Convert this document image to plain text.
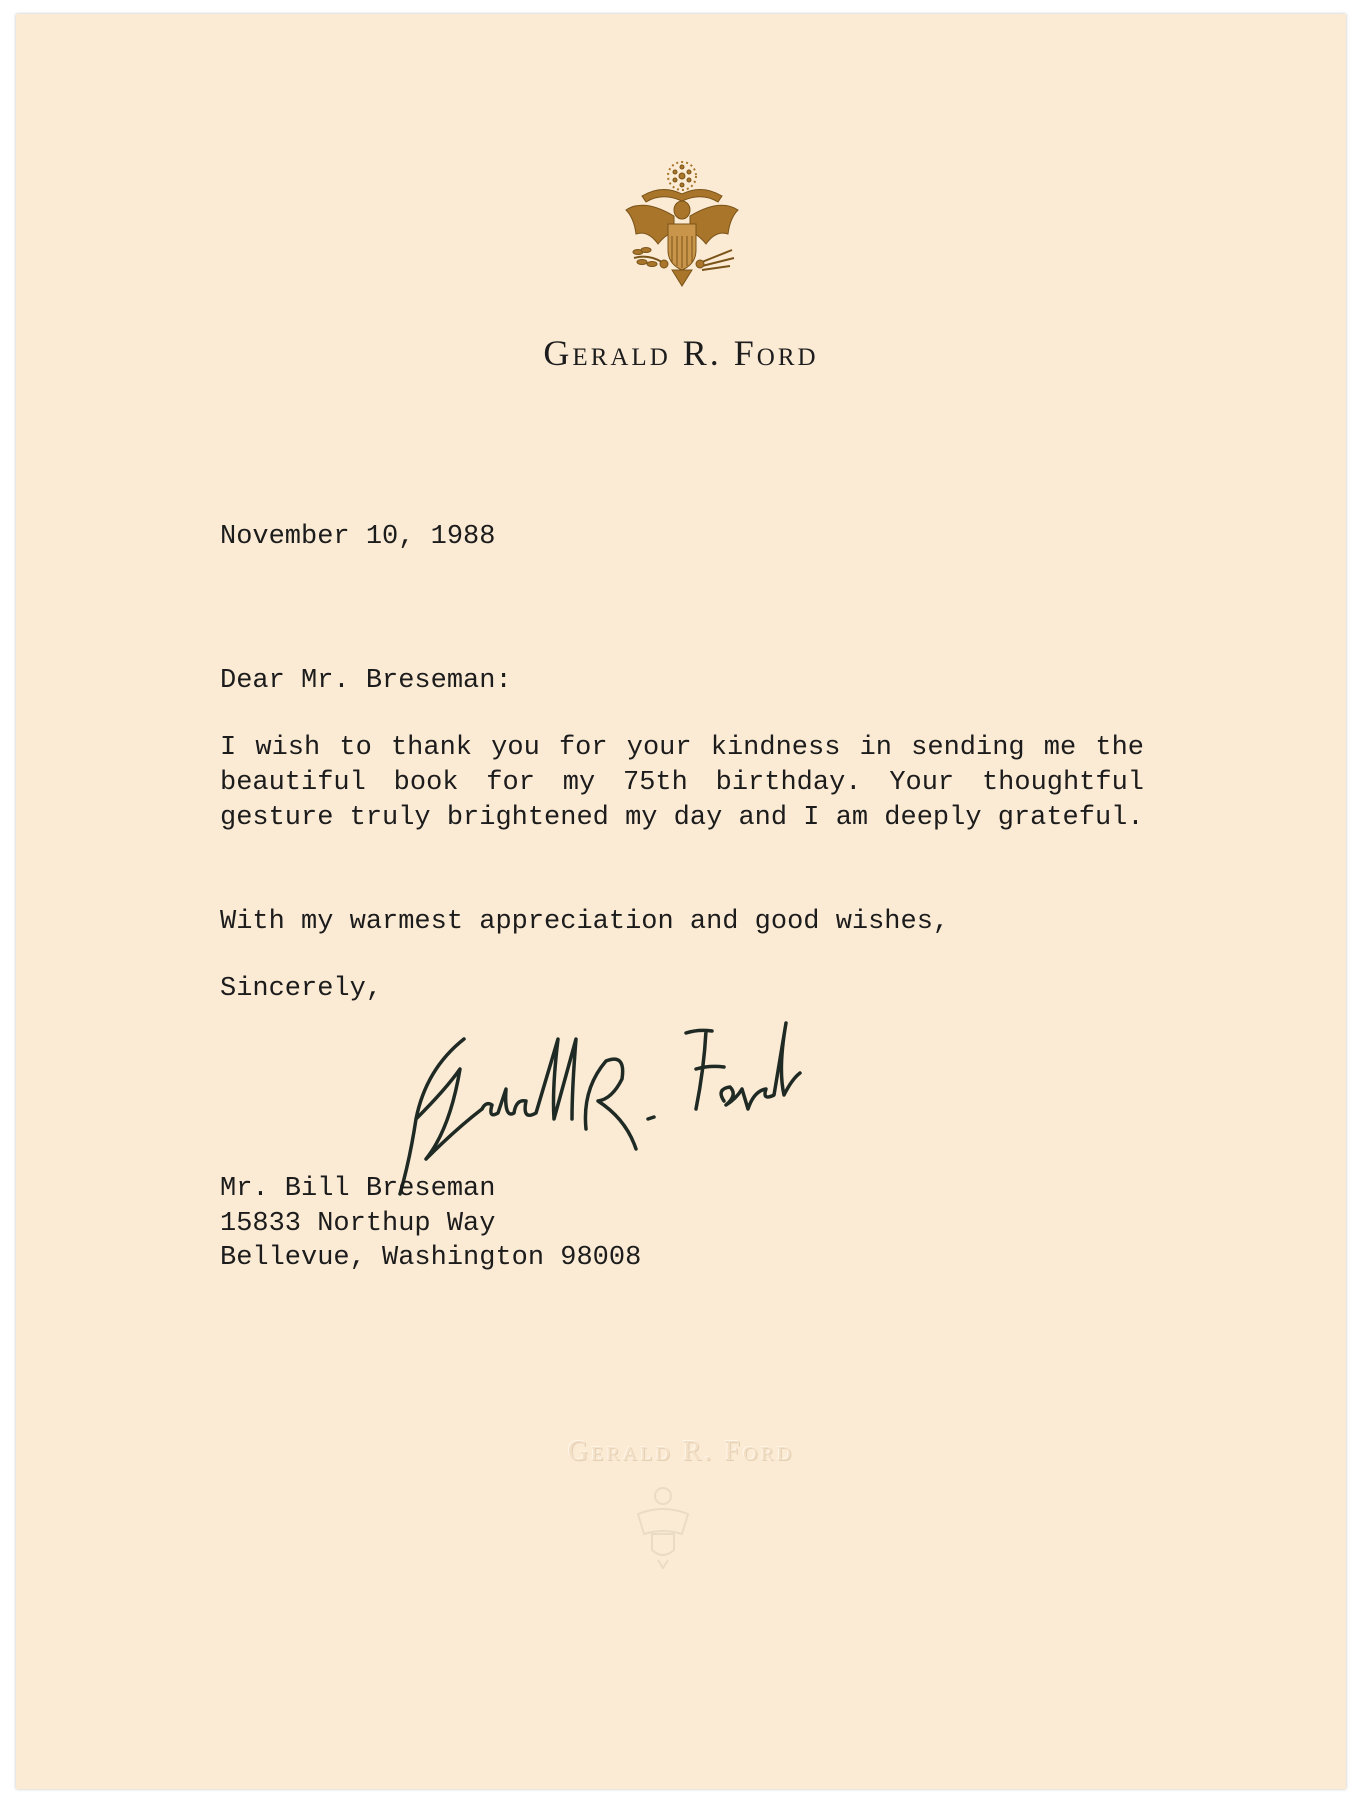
Gerald R. Ford
November 10, 1988
Dear Mr. Breseman:
I wish to thank you for your kindness in sending me the beautiful book for my 75th birthday. Your thoughtful gesture truly brightened my day and I am deeply grateful.
With my warmest appreciation and good wishes,
Sincerely,
Mr. Bill Breseman
15833 Northup Way
Bellevue, Washington 98008
Gerald R. Ford
